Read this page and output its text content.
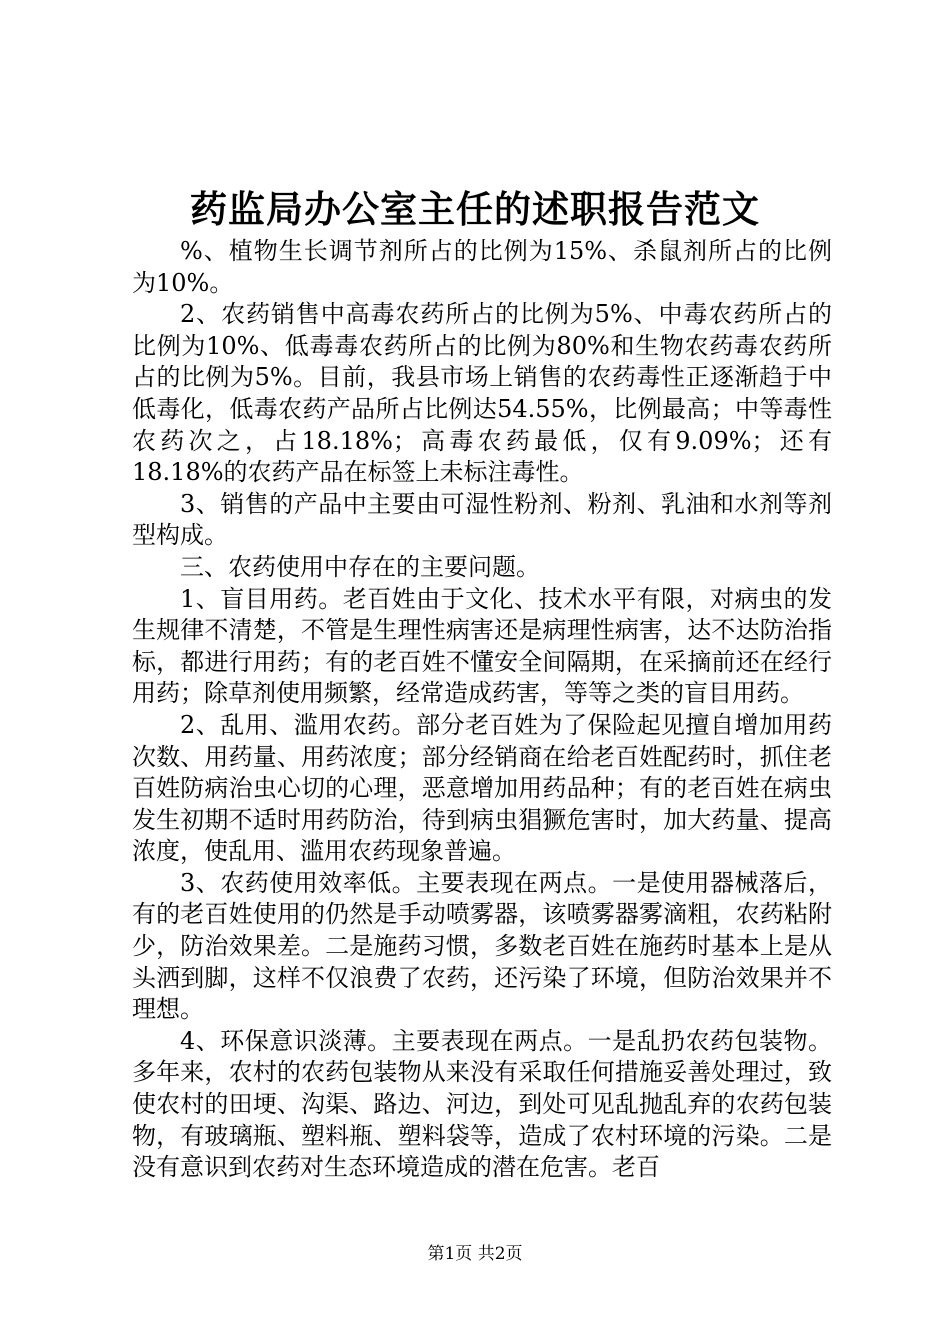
药监局办公室主任的述职报告范文

%、植物生长调节剂所占的比例为15%、杀鼠剂所占的比例为10%。

2、农药销售中高毒农药所占的比例为5%、中毒农药所占的比例为10%、低毒毒农药所占的比例为80%和生物农药毒农药所占的比例为5%。目前，我县市场上销售的农药毒性正逐渐趋于中低毒化，低毒农药产品所占比例达54.55%，比例最高；中等毒性农药次之，占18.18%；高毒农药最低，仅有9.09%；还有18.18%的农药产品在标签上未标注毒性。

3、销售的产品中主要由可湿性粉剂、粉剂、乳油和水剂等剂型构成。

三、农药使用中存在的主要问题。

1、盲目用药。老百姓由于文化、技术水平有限，对病虫的发生规律不清楚，不管是生理性病害还是病理性病害，达不达防治指标，都进行用药；有的老百姓不懂安全间隔期，在采摘前还在经行用药；除草剂使用频繁，经常造成药害，等等之类的盲目用药。

2、乱用、滥用农药。部分老百姓为了保险起见擅自增加用药次数、用药量、用药浓度；部分经销商在给老百姓配药时，抓住老百姓防病治虫心切的心理，恶意增加用药品种；有的老百姓在病虫发生初期不适时用药防治，待到病虫猖獗危害时，加大药量、提高浓度，使乱用、滥用农药现象普遍。

3、农药使用效率低。主要表现在两点。一是使用器械落后，有的老百姓使用的仍然是手动喷雾器，该喷雾器雾滴粗，农药粘附少，防治效果差。二是施药习惯，多数老百姓在施药时基本上是从头洒到脚，这样不仅浪费了农药，还污染了环境，但防治效果并不理想。

4、环保意识淡薄。主要表现在两点。一是乱扔农药包装物。多年来，农村的农药包装物从来没有采取任何措施妥善处理过，致使农村的田埂、沟渠、路边、河边，到处可见乱抛乱弃的农药包装物，有玻璃瓶、塑料瓶、塑料袋等，造成了农村环境的污染。二是没有意识到农药对生态环境造成的潜在危害。老百

第1页 共2页
